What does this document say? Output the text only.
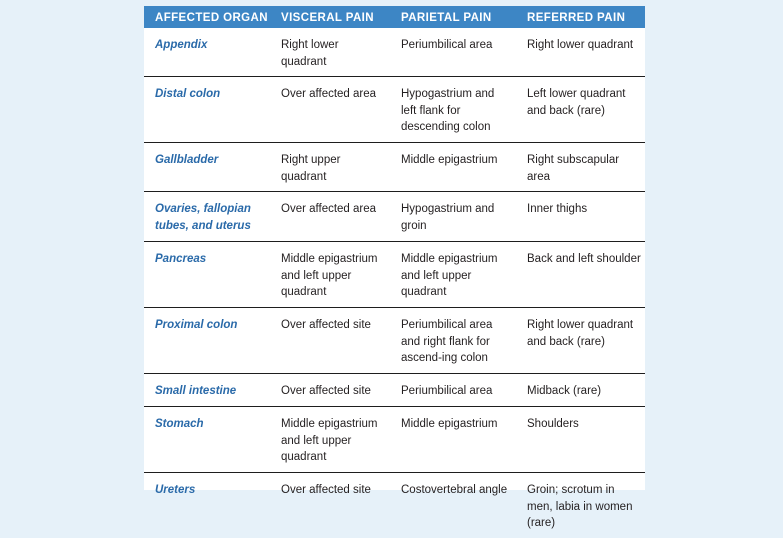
AFFECTED ORGAN	VISCERAL PAIN	PARIETAL PAIN	REFERRED PAIN
Appendix	Right lower quadrant	Periumbilical area	Right lower quadrant
Distal colon	Over affected area	Hypogastrium and left flank for descending colon	Left lower quadrant and back (rare)
Gallbladder	Right upper quadrant	Middle epigastrium	Right subscapular area
Ovaries, fallopian tubes, and uterus	Over affected area	Hypogastrium and groin	Inner thighs
Pancreas	Middle epigastrium and left upper quadrant	Middle epigastrium and left upper quadrant	Back and left shoulder
Proximal colon	Over affected site	Periumbilical area and right flank for ascend-ing colon	Right lower quadrant and back (rare)
Small intestine	Over affected site	Periumbilical area	Midback (rare)
Stomach	Middle epigastrium and left upper quadrant	Middle epigastrium	Shoulders
Ureters	Over affected site	Costovertebral angle	Groin; scrotum in men, labia in women (rare)
